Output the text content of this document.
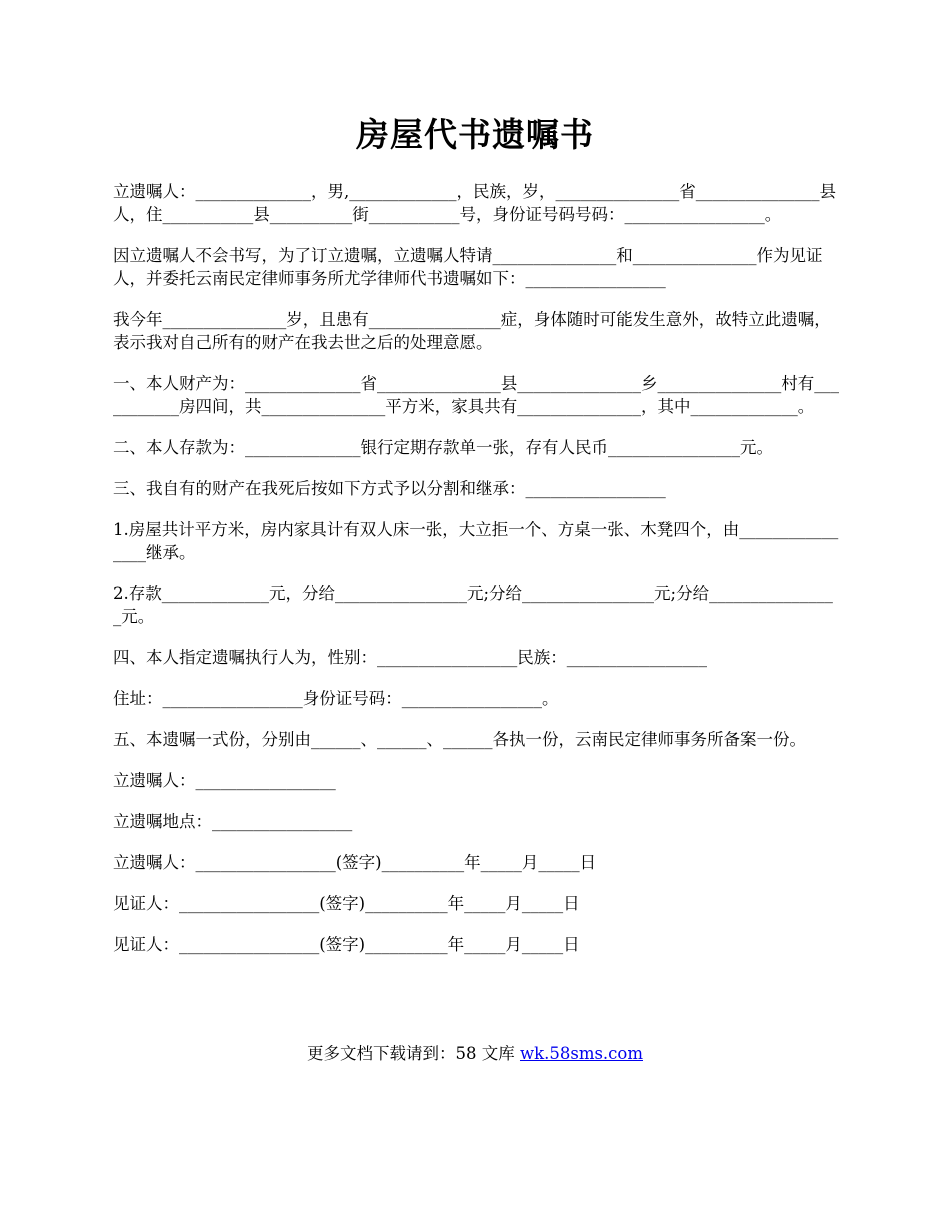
房屋代书遗嘱书

立遗嘱人：______________，男,_____________，民族，岁，_______________省_______________县人，住___________县__________街___________号，身份证号码号码：_________________。

因立遗嘱人不会书写，为了订立遗嘱，立遗嘱人特请_______________和_______________作为见证人，并委托云南民定律师事务所尤学律师代书遗嘱如下：_________________

我今年_______________岁，且患有________________症，身体随时可能发生意外，故特立此遗嘱，表示我对自己所有的财产在我去世之后的处理意愿。

一、本人财产为：______________省_______________县_______________乡_______________村有___________房四间，共_______________平方米，家具共有_______________，其中_____________。

二、本人存款为：______________银行定期存款单一张，存有人民币________________元。

三、我自有的财产在我死后按如下方式予以分割和继承：_________________

1.房屋共计平方米，房内家具计有双人床一张，大立拒一个、方桌一张、木凳四个，由________________继承。

2.存款_____________元，分给________________元;分给________________元;分给________________元。

四、本人指定遗嘱执行人为，性别：_________________民族：_________________

住址：_________________身份证号码：_________________。

五、本遗嘱一式份，分别由______、______、______各执一份，云南民定律师事务所备案一份。

立遗嘱人：_________________

立遗嘱地点：_________________

立遗嘱人：_________________(签字)__________年_____月_____日

见证人：_________________(签字)__________年_____月_____日

见证人：_________________(签字)__________年_____月_____日

更多文档下载请到：58 文库 wk.58sms.com
